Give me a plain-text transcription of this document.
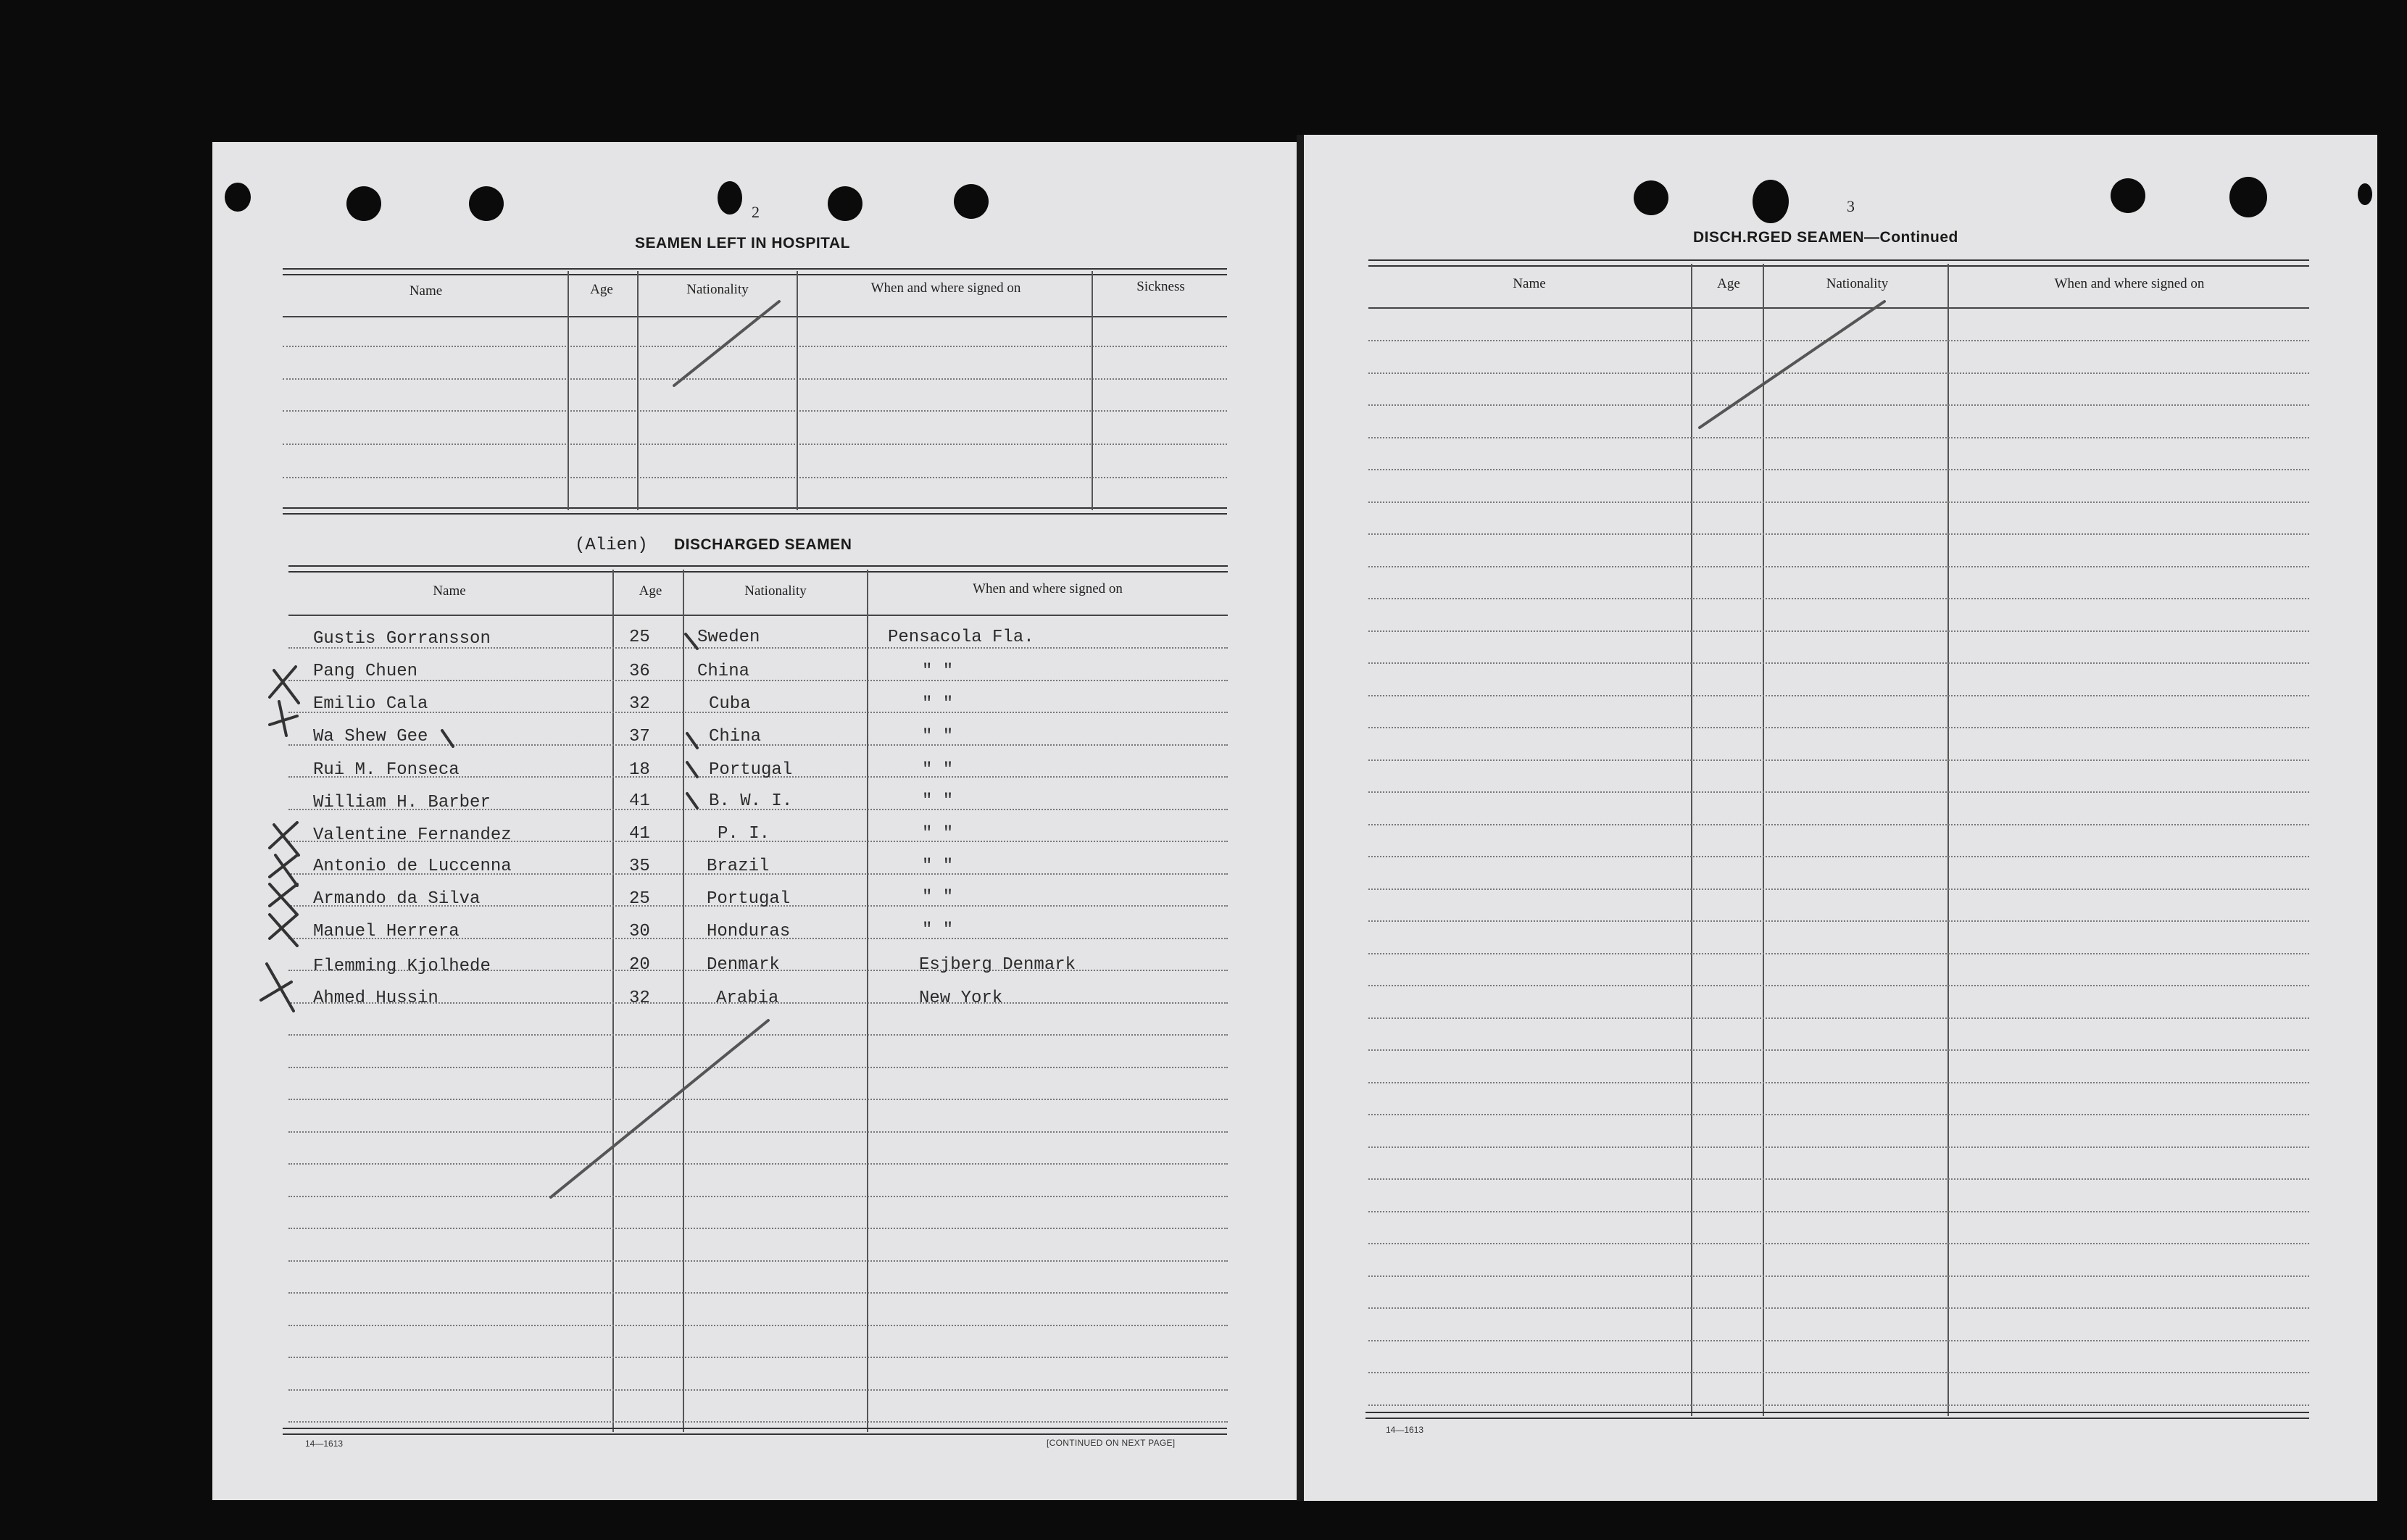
2
SEAMEN LEFT IN HOSPITAL
Name	Age	Nationality	When and where signed on	Sickness
(Alien) DISCHARGED SEAMEN
Name	Age	Nationality	When and where signed on
Gustis Gorransson	25	Sweden	Pensacola Fla.
Pang Chuen	36	China	" "
Emilio Cala	32	Cuba	" "
Wa Shew Gee	37	China	" "
Rui M. Fonseca	18	Portugal	" "
William H. Barber	41	B. W. I.	" "
Valentine Fernandez	41	P. I.	" "
Antonio de Luccenna	35	Brazil	" "
Armando da Silva	25	Portugal	" "
Manuel Herrera	30	Honduras	" "
Flemming Kjolhede	20	Denmark	Esjberg Denmark
Ahmed Hussin	32	Arabia	New York
14—1613	[CONTINUED ON NEXT PAGE]
3
DISCH.RGED SEAMEN—Continued
Name	Age	Nationality	When and where signed on
14—1613
